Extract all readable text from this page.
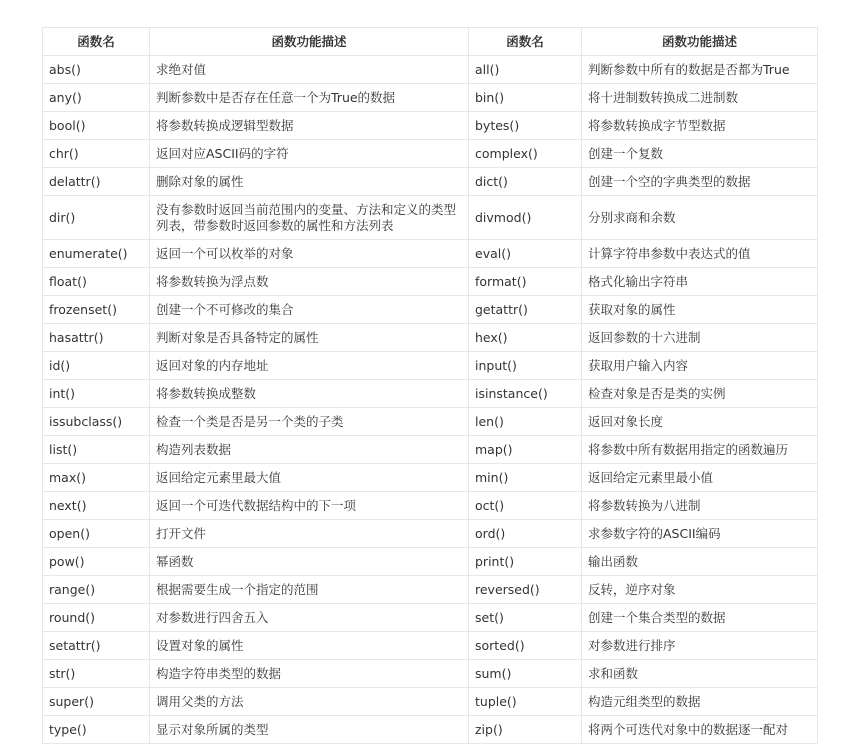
函数名	函数功能描述	函数名	函数功能描述
abs()	求绝对值	all()	判断参数中所有的数据是否都为True
any()	判断参数中是否存在任意一个为True的数据	bin()	将十进制数转换成二进制数
bool()	将参数转换成逻辑型数据	bytes()	将参数转换成字节型数据
chr()	返回对应ASCII码的字符	complex()	创建一个复数
delattr()	删除对象的属性	dict()	创建一个空的字典类型的数据
dir()	没有参数时返回当前范围内的变量、方法和定义的类型列表，带参数时返回参数的属性和方法列表	divmod()	分别求商和余数
enumerate()	返回一个可以枚举的对象	eval()	计算字符串参数中表达式的值
float()	将参数转换为浮点数	format()	格式化输出字符串
frozenset()	创建一个不可修改的集合	getattr()	获取对象的属性
hasattr()	判断对象是否具备特定的属性	hex()	返回参数的十六进制
id()	返回对象的内存地址	input()	获取用户输入内容
int()	将参数转换成整数	isinstance()	检查对象是否是类的实例
issubclass()	检查一个类是否是另一个类的子类	len()	返回对象长度
list()	构造列表数据	map()	将参数中所有数据用指定的函数遍历
max()	返回给定元素里最大值	min()	返回给定元素里最小值
next()	返回一个可迭代数据结构中的下一项	oct()	将参数转换为八进制
open()	打开文件	ord()	求参数字符的ASCII编码
pow()	幂函数	print()	输出函数
range()	根据需要生成一个指定的范围	reversed()	反转，逆序对象
round()	对参数进行四舍五入	set()	创建一个集合类型的数据
setattr()	设置对象的属性	sorted()	对参数进行排序
str()	构造字符串类型的数据	sum()	求和函数
super()	调用父类的方法	tuple()	构造元组类型的数据
type()	显示对象所属的类型	zip()	将两个可迭代对象中的数据逐一配对
